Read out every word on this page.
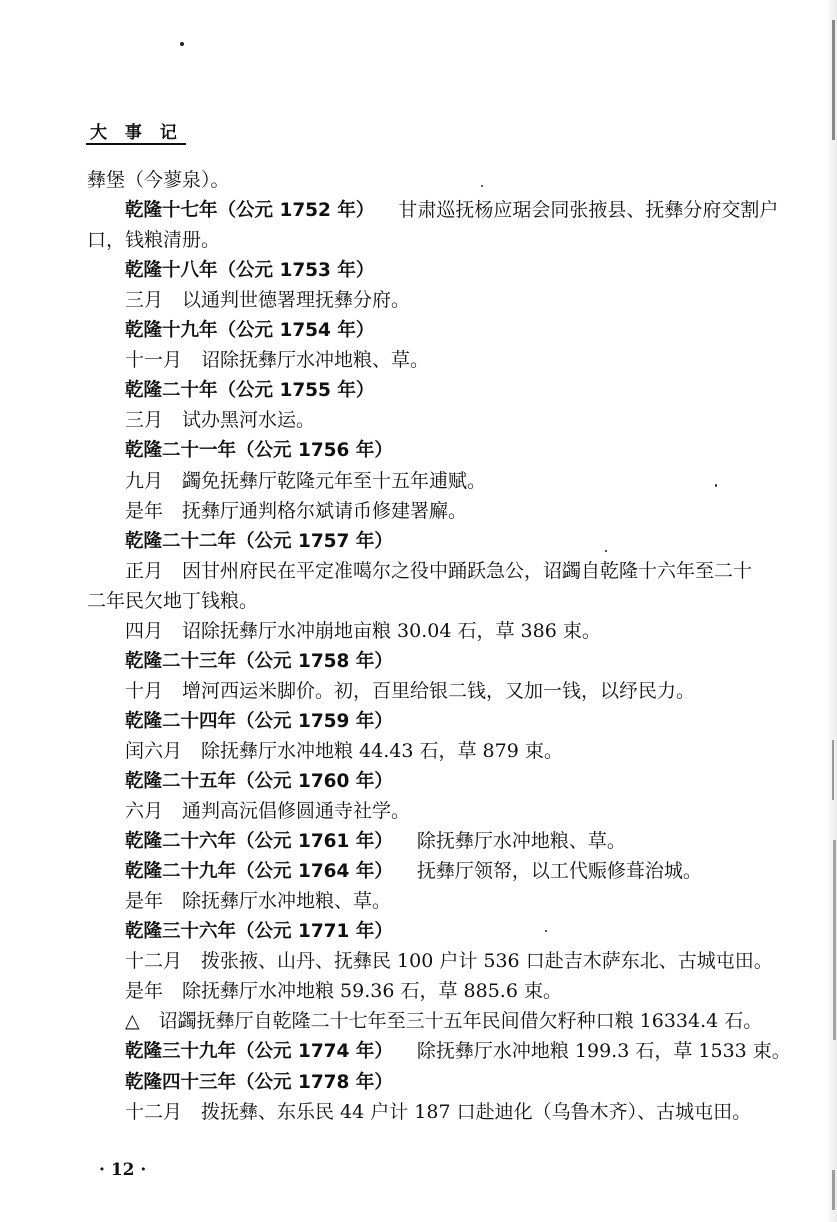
大 事 记
彝堡（今蓼泉）。
乾隆十七年（公元 1752 年） 甘肃巡抚杨应琚会同张掖县、抚彝分府交割户
口，钱粮清册。
乾隆十八年（公元 1753 年）
三月　以通判世德署理抚彝分府。
乾隆十九年（公元 1754 年）
十一月　诏除抚彝厅水冲地粮、草。
乾隆二十年（公元 1755 年）
三月　试办黑河水运。
乾隆二十一年（公元 1756 年）
九月　蠲免抚彝厅乾隆元年至十五年逋赋。
是年　抚彝厅通判格尔斌请币修建署廨。
乾隆二十二年（公元 1757 年）
正月　因甘州府民在平定准噶尔之役中踊跃急公，诏蠲自乾隆十六年至二十
二年民欠地丁钱粮。
四月　诏除抚彝厅水冲崩地亩粮 30.04 石，草 386 束。
乾隆二十三年（公元 1758 年）
十月　增河西运米脚价。初，百里给银二钱，又加一钱，以纾民力。
乾隆二十四年（公元 1759 年）
闰六月　除抚彝厅水冲地粮 44.43 石，草 879 束。
乾隆二十五年（公元 1760 年）
六月　通判高沅倡修圆通寺社学。
乾隆二十六年（公元 1761 年） 除抚彝厅水冲地粮、草。
乾隆二十九年（公元 1764 年） 抚彝厅领帑，以工代赈修葺治城。
是年　除抚彝厅水冲地粮、草。
乾隆三十六年（公元 1771 年）
十二月　拨张掖、山丹、抚彝民 100 户计 536 口赴吉木萨东北、古城屯田。
是年　除抚彝厅水冲地粮 59.36 石，草 885.6 束。
△　诏蠲抚彝厅自乾隆二十七年至三十五年民间借欠籽种口粮 16334.4 石。
乾隆三十九年（公元 1774 年） 除抚彝厅水冲地粮 199.3 石，草 1533 束。
乾隆四十三年（公元 1778 年）
十二月　拨抚彝、东乐民 44 户计 187 口赴迪化（乌鲁木齐）、古城屯田。
· 12 ·
